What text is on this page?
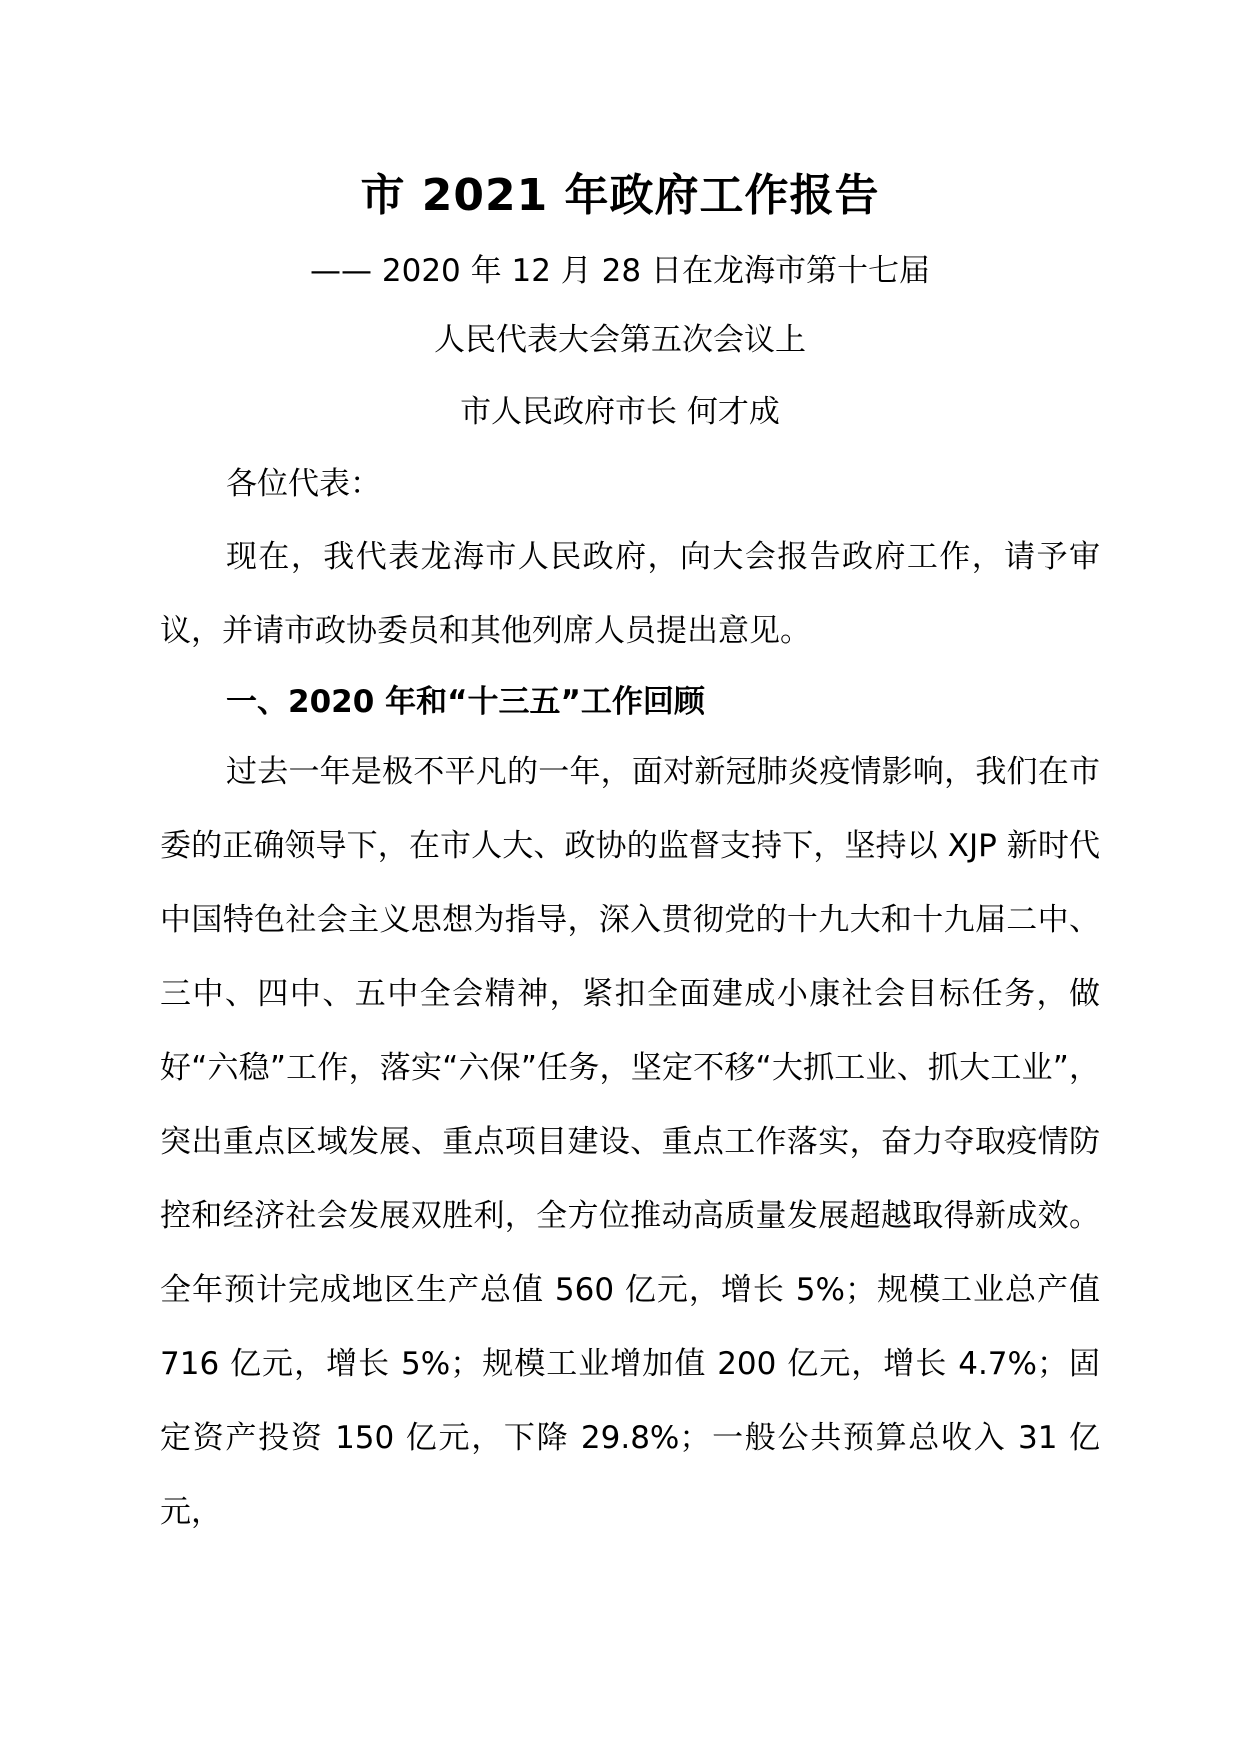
市 2021 年政府工作报告
—— 2020 年 12 月 28 日在龙海市第十七届
人民代表大会第五次会议上
市人民政府市长 何才成
各位代表：
现在，我代表龙海市人民政府，向大会报告政府工作，请予审议，并请市政协委员和其他列席人员提出意见。
一、2020 年和“十三五”工作回顾
过去一年是极不平凡的一年，面对新冠肺炎疫情影响，我们在市委的正确领导下，在市人大、政协的监督支持下，坚持以 XJP 新时代中国特色社会主义思想为指导，深入贯彻党的十九大和十九届二中、三中、四中、五中全会精神，紧扣全面建成小康社会目标任务，做好“六稳”工作，落实“六保”任务，坚定不移“大抓工业、抓大工业”，突出重点区域发展、重点项目建设、重点工作落实，奋力夺取疫情防控和经济社会发展双胜利，全方位推动高质量发展超越取得新成效。全年预计完成地区生产总值 560 亿元，增长 5%；规模工业总产值 716 亿元，增长 5%；规模工业增加值 200 亿元，增长 4.7%；固定资产投资 150 亿元，下降 29.8%；一般公共预算总收入 31 亿元，
